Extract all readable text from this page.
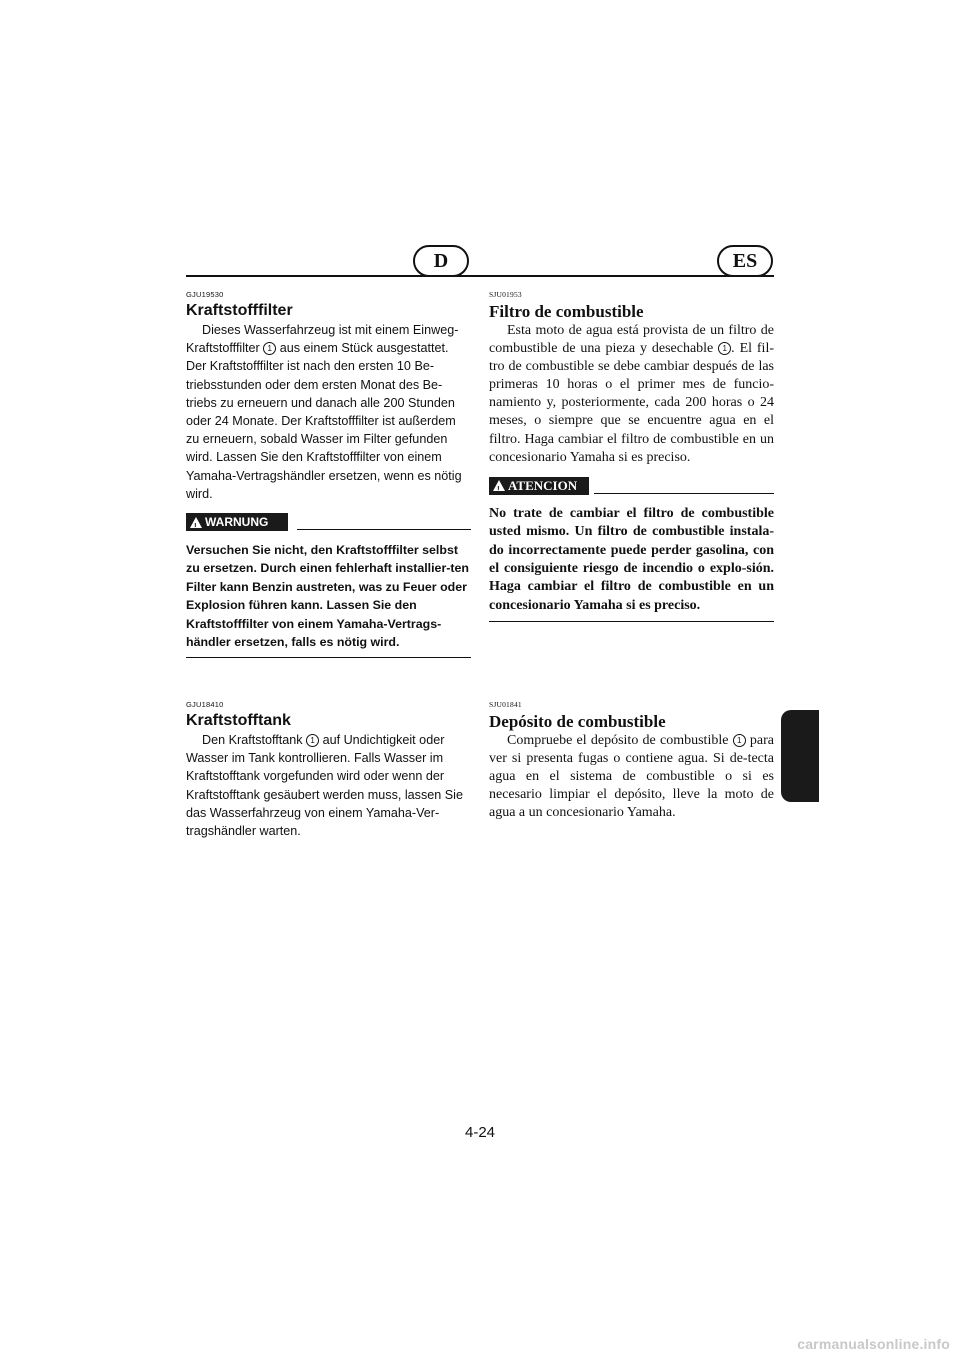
D	ES

GJU19530

Kraftstofffilter

Dieses Wasserfahrzeug ist mit einem Einweg-Kraftstofffilter 1 aus einem Stück ausgestattet. Der Kraftstofffilter ist nach den ersten 10 Be-triebsstunden oder dem ersten Monat des Be-triebs zu erneuern und danach alle 200 Stunden oder 24 Monate. Der Kraftstofffilter ist außerdem zu erneuern, sobald Wasser im Filter gefunden wird. Lassen Sie den Kraftstofffilter von einem Yamaha-Vertragshändler ersetzen, wenn es nötig wird.

!
WARNUNG

Versuchen Sie nicht, den Kraftstofffilter selbst zu ersetzen. Durch einen fehlerhaft installier-ten Filter kann Benzin austreten, was zu Feuer oder Explosion führen kann. Lassen Sie den Kraftstofffilter von einem Yamaha-Vertrags-händler ersetzen, falls es nötig wird.

GJU18410

Kraftstofftank

Den Kraftstofftank 1 auf Undichtigkeit oder Wasser im Tank kontrollieren. Falls Wasser im Kraftstofftank vorgefunden wird oder wenn der Kraftstofftank gesäubert werden muss, lassen Sie das Wasserfahrzeug von einem Yamaha-Ver-tragshändler warten.

SJU01953

Filtro de combustible

Esta moto de agua está provista de un filtro de combustible de una pieza y desechable 1 . El fil-tro de combustible se debe cambiar después de las primeras 10 horas o el primer mes de funcio-namiento y, posteriormente, cada 200 horas o 24 meses, o siempre que se encuentre agua en el filtro. Haga cambiar el filtro de combustible en un concesionario Yamaha si es preciso.

!
ATENCION

No trate de cambiar el filtro de combustible usted mismo. Un filtro de combustible instala-do incorrectamente puede perder gasolina, con el consiguiente riesgo de incendio o explo-sión. Haga cambiar el filtro de combustible en un concesionario Yamaha si es preciso.

SJU01841

Depósito de combustible

Compruebe el depósito de combustible 1 para ver si presenta fugas o contiene agua. Si de-tecta agua en el sistema de combustible o si es necesario limpiar el depósito, lleve la moto de agua a un concesionario Yamaha.

4-24
carmanualsonline.info
